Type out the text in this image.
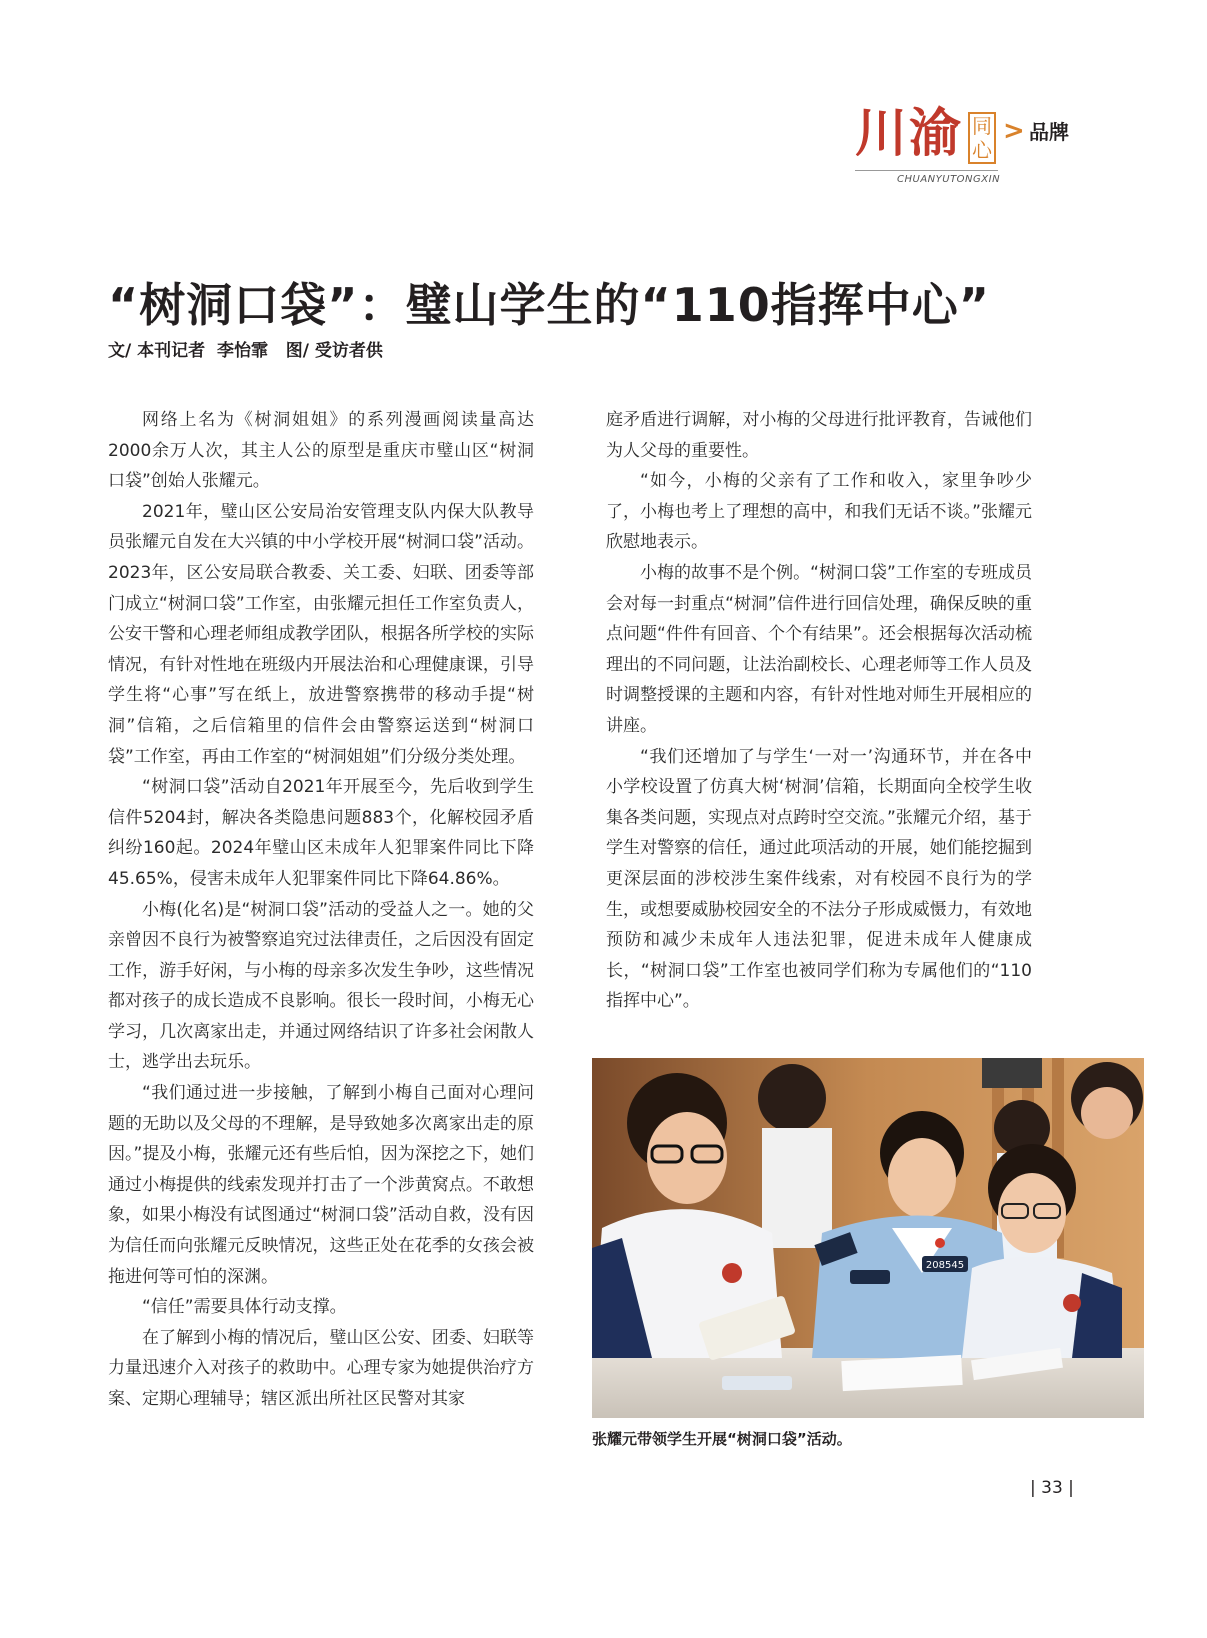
川渝 同心
> 品牌
CHUANYUTONGXIN
“树洞口袋”：璧山学生的“110指挥中心”
文/ 本刊记者  李怡霏   图/ 受访者供

网络上名为《树洞姐姐》的系列漫画阅读量高达2000余万人次，其主人公的原型是重庆市璧山区“树洞口袋”创始人张耀元。

2021年，璧山区公安局治安管理支队内保大队教导员张耀元自发在大兴镇的中小学校开展“树洞口袋”活动。2023年，区公安局联合教委、关工委、妇联、团委等部门成立“树洞口袋”工作室，由张耀元担任工作室负责人，公安干警和心理老师组成教学团队，根据各所学校的实际情况，有针对性地在班级内开展法治和心理健康课，引导学生将“心事”写在纸上，放进警察携带的移动手提“树洞”信箱，之后信箱里的信件会由警察运送到“树洞口袋”工作室，再由工作室的“树洞姐姐”们分级分类处理。

“树洞口袋”活动自2021年开展至今，先后收到学生信件5204封，解决各类隐患问题883个，化解校园矛盾纠纷160起。2024年璧山区未成年人犯罪案件同比下降45.65%，侵害未成年人犯罪案件同比下降64.86%。

小梅(化名)是“树洞口袋”活动的受益人之一。她的父亲曾因不良行为被警察追究过法律责任，之后因没有固定工作，游手好闲，与小梅的母亲多次发生争吵，这些情况都对孩子的成长造成不良影响。很长一段时间，小梅无心学习，几次离家出走，并通过网络结识了许多社会闲散人士，逃学出去玩乐。

“我们通过进一步接触，了解到小梅自己面对心理问题的无助以及父母的不理解，是导致她多次离家出走的原因。”提及小梅，张耀元还有些后怕，因为深挖之下，她们通过小梅提供的线索发现并打击了一个涉黄窝点。不敢想象，如果小梅没有试图通过“树洞口袋”活动自救，没有因为信任而向张耀元反映情况，这些正处在花季的女孩会被拖进何等可怕的深渊。

“信任”需要具体行动支撑。

在了解到小梅的情况后，璧山区公安、团委、妇联等力量迅速介入对孩子的救助中。心理专家为她提供治疗方案、定期心理辅导；辖区派出所社区民警对其家

庭矛盾进行调解，对小梅的父母进行批评教育，告诫他们为人父母的重要性。

“如今，小梅的父亲有了工作和收入，家里争吵少了，小梅也考上了理想的高中，和我们无话不谈。”张耀元欣慰地表示。

小梅的故事不是个例。“树洞口袋”工作室的专班成员会对每一封重点“树洞”信件进行回信处理，确保反映的重点问题“件件有回音、个个有结果”。还会根据每次活动梳理出的不同问题，让法治副校长、心理老师等工作人员及时调整授课的主题和内容，有针对性地对师生开展相应的讲座。

“我们还增加了与学生‘一对一’沟通环节，并在各中小学校设置了仿真大树‘树洞’信箱，长期面向全校学生收集各类问题，实现点对点跨时空交流。”张耀元介绍，基于学生对警察的信任，通过此项活动的开展，她们能挖掘到更深层面的涉校涉生案件线索，对有校园不良行为的学生，或想要威胁校园安全的不法分子形成威慑力，有效地预防和减少未成年人违法犯罪，促进未成年人健康成长，“树洞口袋”工作室也被同学们称为专属他们的“110指挥中心”。

208545
张耀元带领学生开展“树洞口袋”活动。
| 33 |
